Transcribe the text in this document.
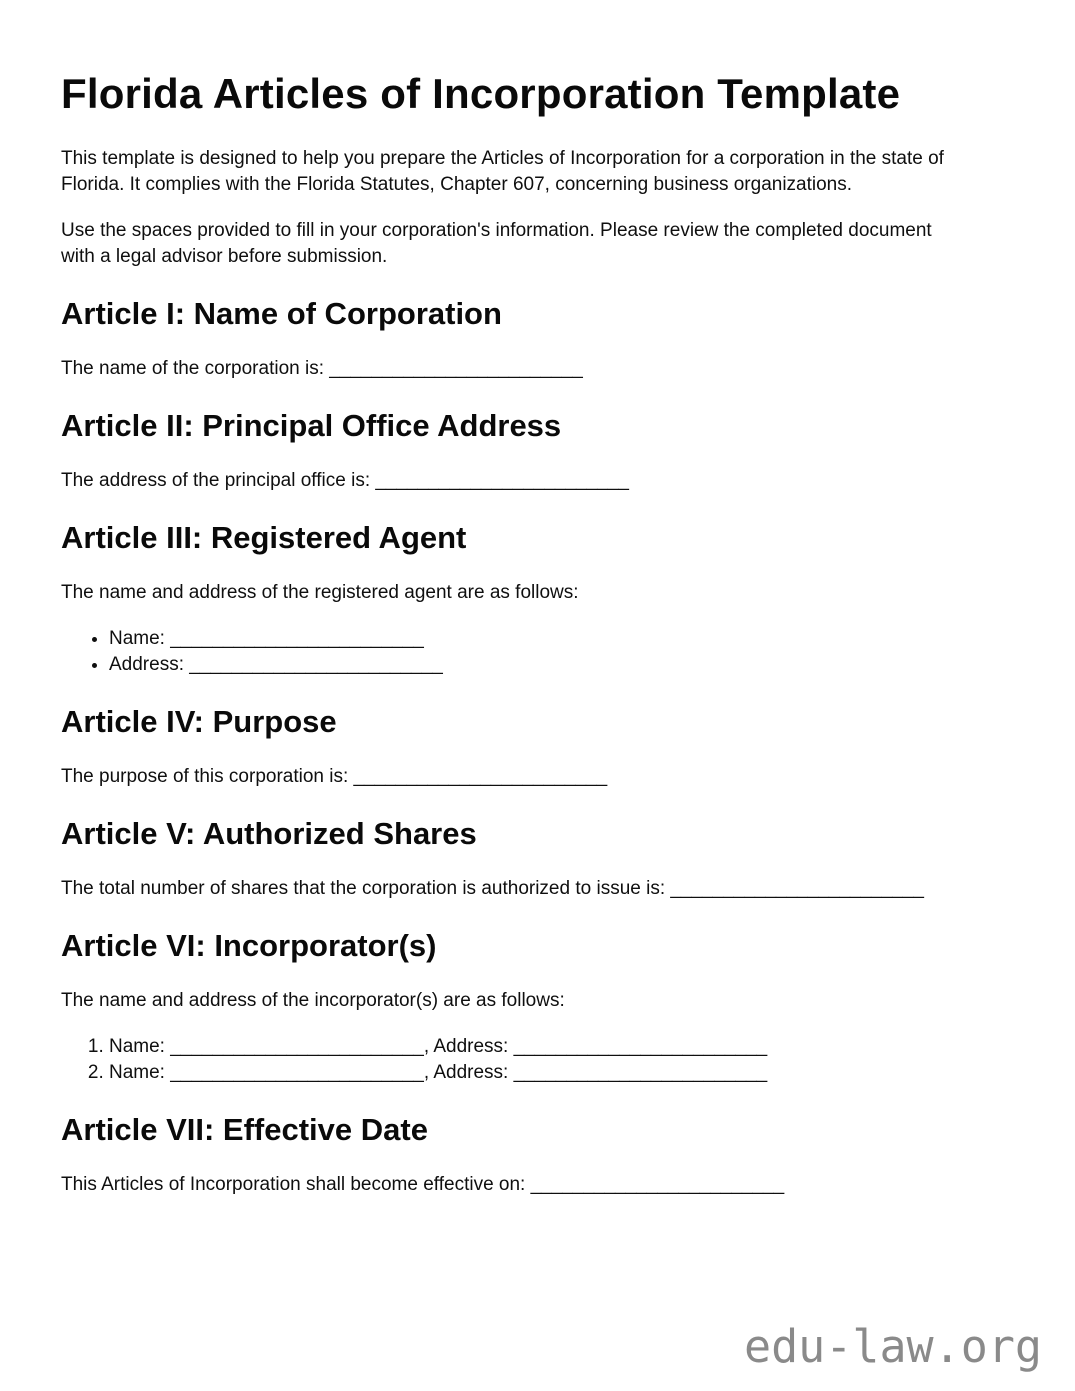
Florida Articles of Incorporation Template

This template is designed to help you prepare the Articles of Incorporation for a corporation in the state of Florida. It complies with the Florida Statutes, Chapter 607, concerning business organizations.

Use the spaces provided to fill in your corporation's information. Please review the completed document with a legal advisor before submission.

Article I: Name of Corporation

The name of the corporation is: ________________________

Article II: Principal Office Address

The address of the principal office is: ________________________

Article III: Registered Agent

The name and address of the registered agent are as follows:

• Name: ________________________
• Address: ________________________
Article IV: Purpose

The purpose of this corporation is: ________________________

Article V: Authorized Shares

The total number of shares that the corporation is authorized to issue is: ________________________

Article VI: Incorporator(s)

The name and address of the incorporator(s) are as follows:

1. Name: ________________________, Address: ________________________
2. Name: ________________________, Address: ________________________
Article VII: Effective Date

This Articles of Incorporation shall become effective on: ________________________

edu-law.org
